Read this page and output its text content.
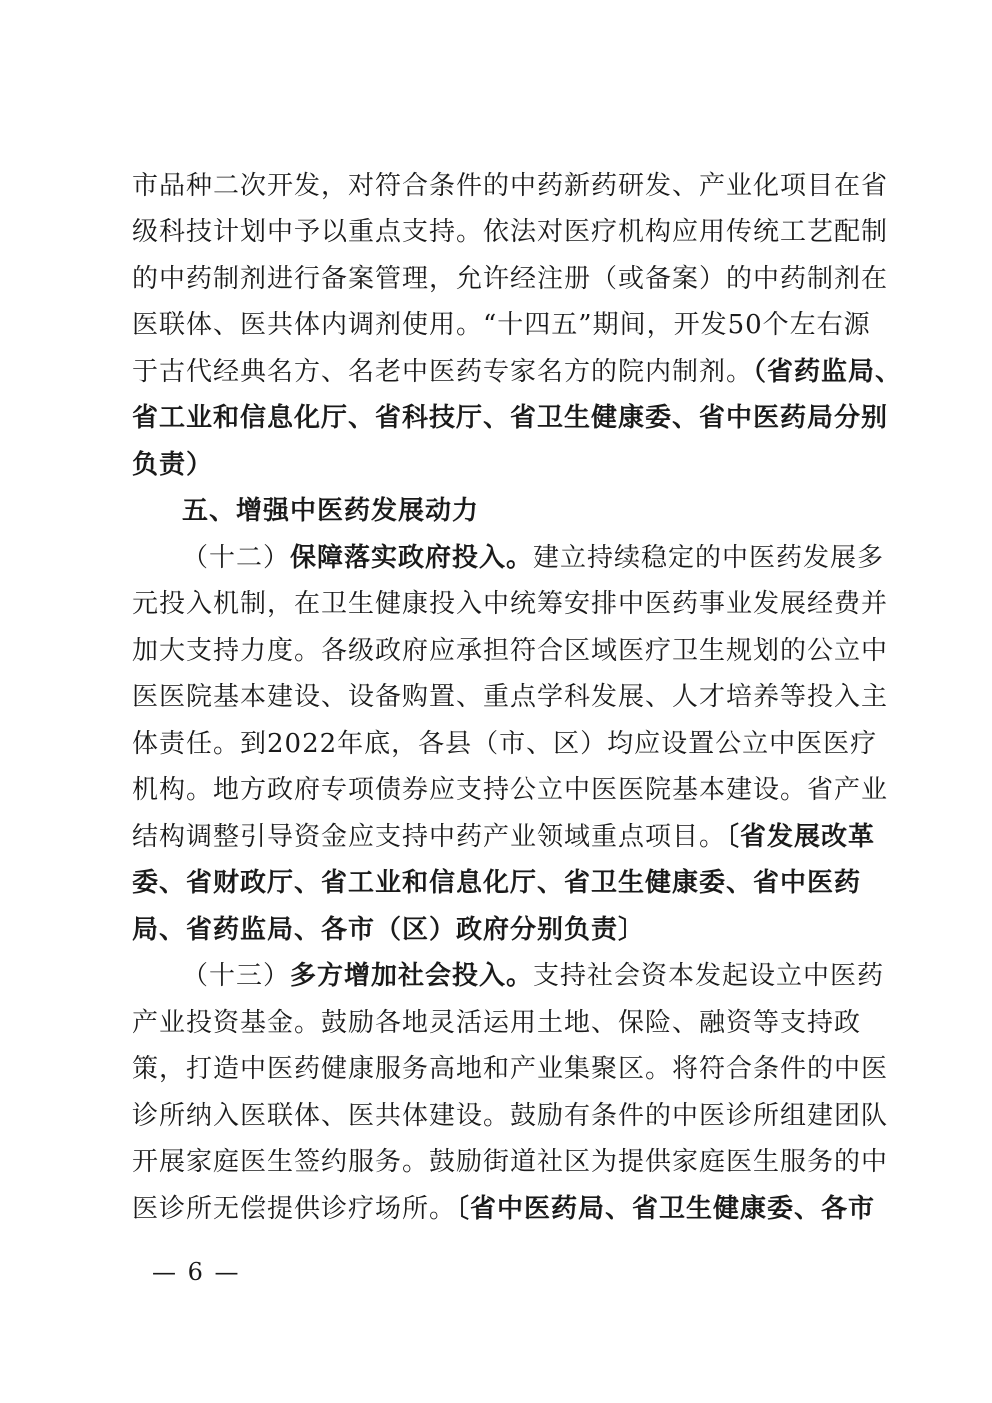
市品种二次开发，对符合条件的中药新药研发、产业化项目在省
级科技计划中予以重点支持。依法对医疗机构应用传统工艺配制
的中药制剂进行备案管理，允许经注册（或备案）的中药制剂在
医联体、医共体内调剂使用。“十四五”期间，开发50个左右源
于古代经典名方、名老中医药专家名方的院内制剂。（省药监局、
省工业和信息化厅、省科技厅、省卫生健康委、省中医药局分别
负责）
五、增强中医药发展动力
（十二）保障落实政府投入。建立持续稳定的中医药发展多
元投入机制，在卫生健康投入中统筹安排中医药事业发展经费并
加大支持力度。各级政府应承担符合区域医疗卫生规划的公立中
医医院基本建设、设备购置、重点学科发展、人才培养等投入主
体责任。到2022年底，各县（市、区）均应设置公立中医医疗
机构。地方政府专项债券应支持公立中医医院基本建设。省产业
结构调整引导资金应支持中药产业领域重点项目。〔省发展改革
委、省财政厅、省工业和信息化厅、省卫生健康委、省中医药
局、省药监局、各市（区）政府分别负责〕
（十三）多方增加社会投入。支持社会资本发起设立中医药
产业投资基金。鼓励各地灵活运用土地、保险、融资等支持政
策，打造中医药健康服务高地和产业集聚区。将符合条件的中医
诊所纳入医联体、医共体建设。鼓励有条件的中医诊所组建团队
开展家庭医生签约服务。鼓励街道社区为提供家庭医生服务的中
医诊所无偿提供诊疗场所。〔省中医药局、省卫生健康委、各市
— 6 —
